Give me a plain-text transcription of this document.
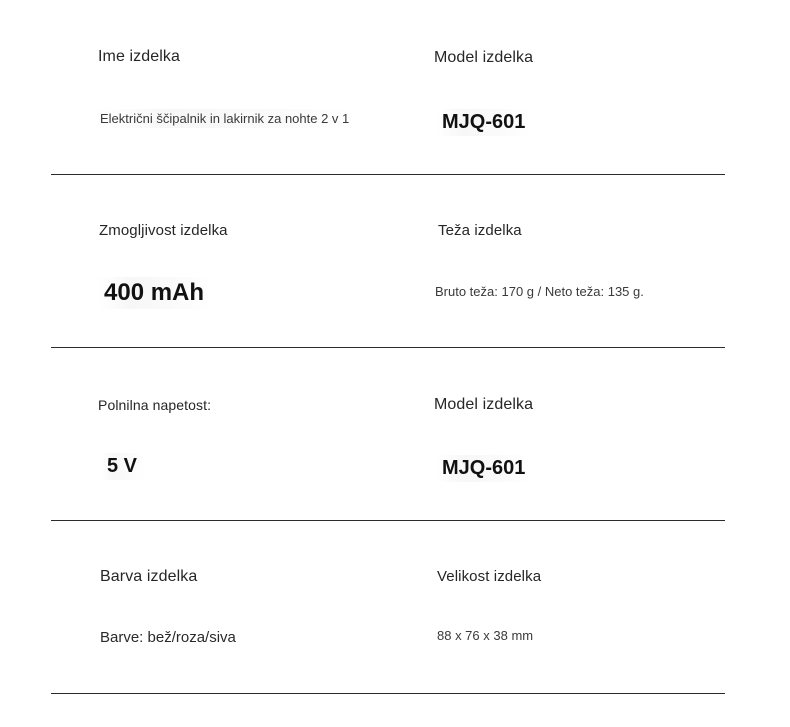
Ime izdelka
Električni ščipalnik in lakirnik za nohte 2 v 1
Model izdelka
MJQ-601
Zmogljivost izdelka
400 mAh
Teža izdelka
Bruto teža: 170 g / Neto teža: 135 g.
Polnilna napetost:
5 V
Model izdelka
MJQ-601
Barva izdelka
Barve: bež/roza/siva
Velikost izdelka
88 x 76 x 38 mm
